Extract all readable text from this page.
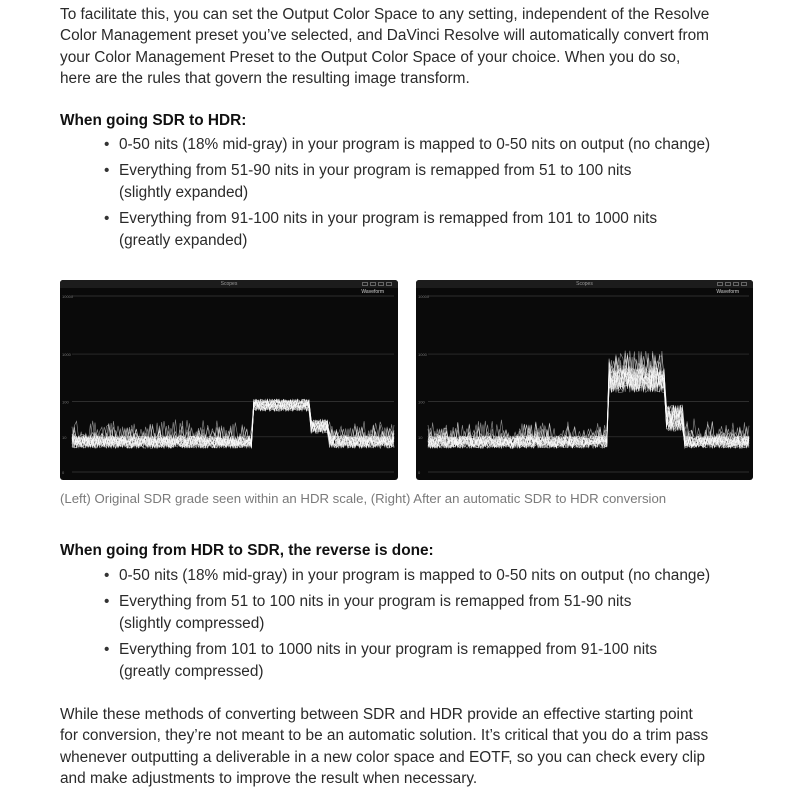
To facilitate this, you can set the Output Color Space to any setting, independent of the Resolve
Color Management preset you’ve selected, and DaVinci Resolve will automatically convert from
your Color Management Preset to the Output Color Space of your choice. When you do so,
here are the rules that govern the resulting image transform.

When going SDR to HDR:

• 0-50 nits (18% mid-gray) in your program is mapped to 0-50 nits on output (no change)
• Everything from 51-90 nits in your program is remapped from 51 to 100 nits
(slightly expanded)
• Everything from 91-100 nits in your program is remapped from 101 to 1000 nits
(greatly expanded)
Scopes
Waveform
10000
1000
100
10
0
Scopes
Waveform
10000
1000
100
10
0

(Left) Original SDR grade seen within an HDR scale, (Right) After an automatic SDR to HDR conversion

When going from HDR to SDR, the reverse is done:

• 0-50 nits (18% mid-gray) in your program is mapped to 0-50 nits on output (no change)
• Everything from 51 to 100 nits in your program is remapped from 51-90 nits
(slightly compressed)
• Everything from 101 to 1000 nits in your program is remapped from 91-100 nits
(greatly compressed)

While these methods of converting between SDR and HDR provide an effective starting point
for conversion, they’re not meant to be an automatic solution. It’s critical that you do a trim pass
whenever outputting a deliverable in a new color space and EOTF, so you can check every clip
and make adjustments to improve the result when necessary.
